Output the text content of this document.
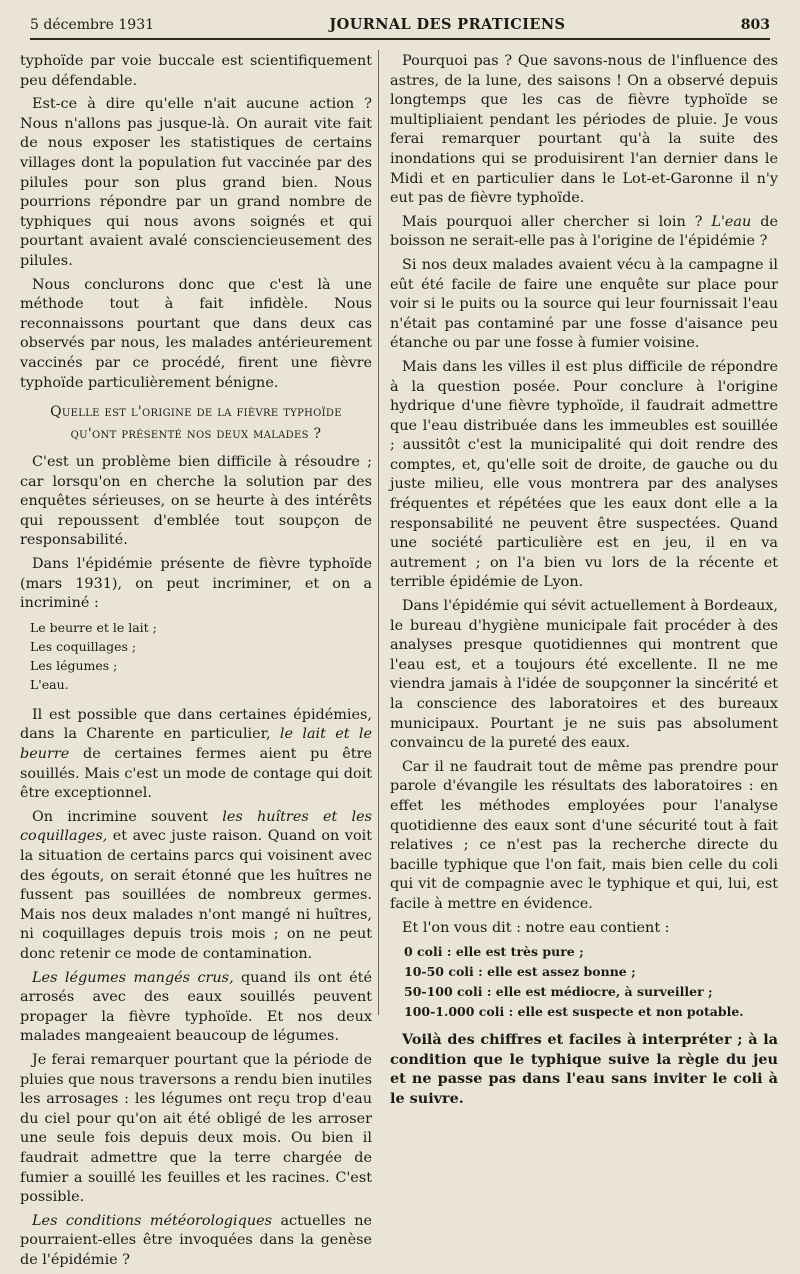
5 décembre 1931	JOURNAL DES PRATICIENS	803

typhoïde par voie buccale est scientifiquement peu défendable.

Est-ce à dire qu'elle n'ait aucune action ? Nous n'allons pas jusque-là. On aurait vite fait de nous exposer les statistiques de certains villages dont la population fut vaccinée par des pilules pour son plus grand bien. Nous pourrions répondre par un grand nombre de typhiques qui nous avons soignés et qui pourtant avaient avalé consciencieusement des pilules.

Nous conclurons donc que c'est là une méthode tout à fait infidèle. Nous reconnaissons pourtant que dans deux cas observés par nous, les malades antérieurement vaccinés par ce procédé, firent une fièvre typhoïde particulièrement bénigne.

Quelle est l'origine de la fièvre typhoïde
qu'ont présenté nos deux malades ?

C'est un problème bien difficile à résoudre ; car lorsqu'on en cherche la solution par des enquêtes sérieuses, on se heurte à des intérêts qui repoussent d'emblée tout soupçon de responsabilité.

Dans l'épidémie présente de fièvre typhoïde (mars 1931), on peut incriminer, et on a incriminé :

Le beurre et le lait ;
Les coquillages ;
Les légumes ;
L'eau.

Il est possible que dans certaines épidémies, dans la Charente en particulier, le lait et le beurre de certaines fermes aient pu être souillés. Mais c'est un mode de contage qui doit être exceptionnel.

On incrimine souvent les huîtres et les coquillages, et avec juste raison. Quand on voit la situation de certains parcs qui voisinent avec des égouts, on serait étonné que les huîtres ne fussent pas souillées de nombreux germes. Mais nos deux malades n'ont mangé ni huîtres, ni coquillages depuis trois mois ; on ne peut donc retenir ce mode de contamination.

Les légumes mangés crus, quand ils ont été arrosés avec des eaux souillés peuvent propager la fièvre typhoïde. Et nos deux malades mangeaient beaucoup de légumes.

Je ferai remarquer pourtant que la période de pluies que nous traversons a rendu bien inutiles les arrosages : les légumes ont reçu trop d'eau du ciel pour qu'on ait été obligé de les arroser une seule fois depuis deux mois. Ou bien il faudrait admettre que la terre chargée de fumier a souillé les feuilles et les racines. C'est possible.

Les conditions météorologiques actuelles ne pourraient-elles être invoquées dans la genèse de l'épidémie ?

Pourquoi pas ? Que savons-nous de l'influence des astres, de la lune, des saisons ! On a observé depuis longtemps que les cas de fièvre typhoïde se multipliaient pendant les périodes de pluie. Je vous ferai remarquer pourtant qu'à la suite des inondations qui se produisirent l'an dernier dans le Midi et en particulier dans le Lot-et-Garonne il n'y eut pas de fièvre typhoïde.

Mais pourquoi aller chercher si loin ? L'eau de boisson ne serait-elle pas à l'origine de l'épidémie ?

Si nos deux malades avaient vécu à la campagne il eût été facile de faire une enquête sur place pour voir si le puits ou la source qui leur fournissait l'eau n'était pas contaminé par une fosse d'aisance peu étanche ou par une fosse à fumier voisine.

Mais dans les villes il est plus difficile de répondre à la question posée. Pour conclure à l'origine hydrique d'une fièvre typhoïde, il faudrait admettre que l'eau distribuée dans les immeubles est souillée ; aussitôt c'est la municipalité qui doit rendre des comptes, et, qu'elle soit de droite, de gauche ou du juste milieu, elle vous montrera par des analyses fréquentes et répétées que les eaux dont elle a la responsabilité ne peuvent être suspectées. Quand une société particulière est en jeu, il en va autrement ; on l'a bien vu lors de la récente et terrible épidémie de Lyon.

Dans l'épidémie qui sévit actuellement à Bordeaux, le bureau d'hygiène municipale fait procéder à des analyses presque quotidiennes qui montrent que l'eau est, et a toujours été excellente. Il ne me viendra jamais à l'idée de soupçonner la sincérité et la conscience des laboratoires et des bureaux municipaux. Pourtant je ne suis pas absolument convaincu de la pureté des eaux.

Car il ne faudrait tout de même pas prendre pour parole d'évangile les résultats des laboratoires : en effet les méthodes employées pour l'analyse quotidienne des eaux sont d'une sécurité tout à fait relatives ; ce n'est pas la recherche directe du bacille typhique que l'on fait, mais bien celle du coli qui vit de compagnie avec le typhique et qui, lui, est facile à mettre en évidence.

Et l'on vous dit : notre eau contient :

0 coli : elle est très pure ;
10-50 coli : elle est assez bonne ;
50-100 coli : elle est médiocre, à surveiller ;
100-1.000 coli : elle est suspecte et non potable.

Voilà des chiffres et faciles à interpréter ; à la condition que le typhique suive la règle du jeu et ne passe pas dans l'eau sans inviter le coli à le suivre.
